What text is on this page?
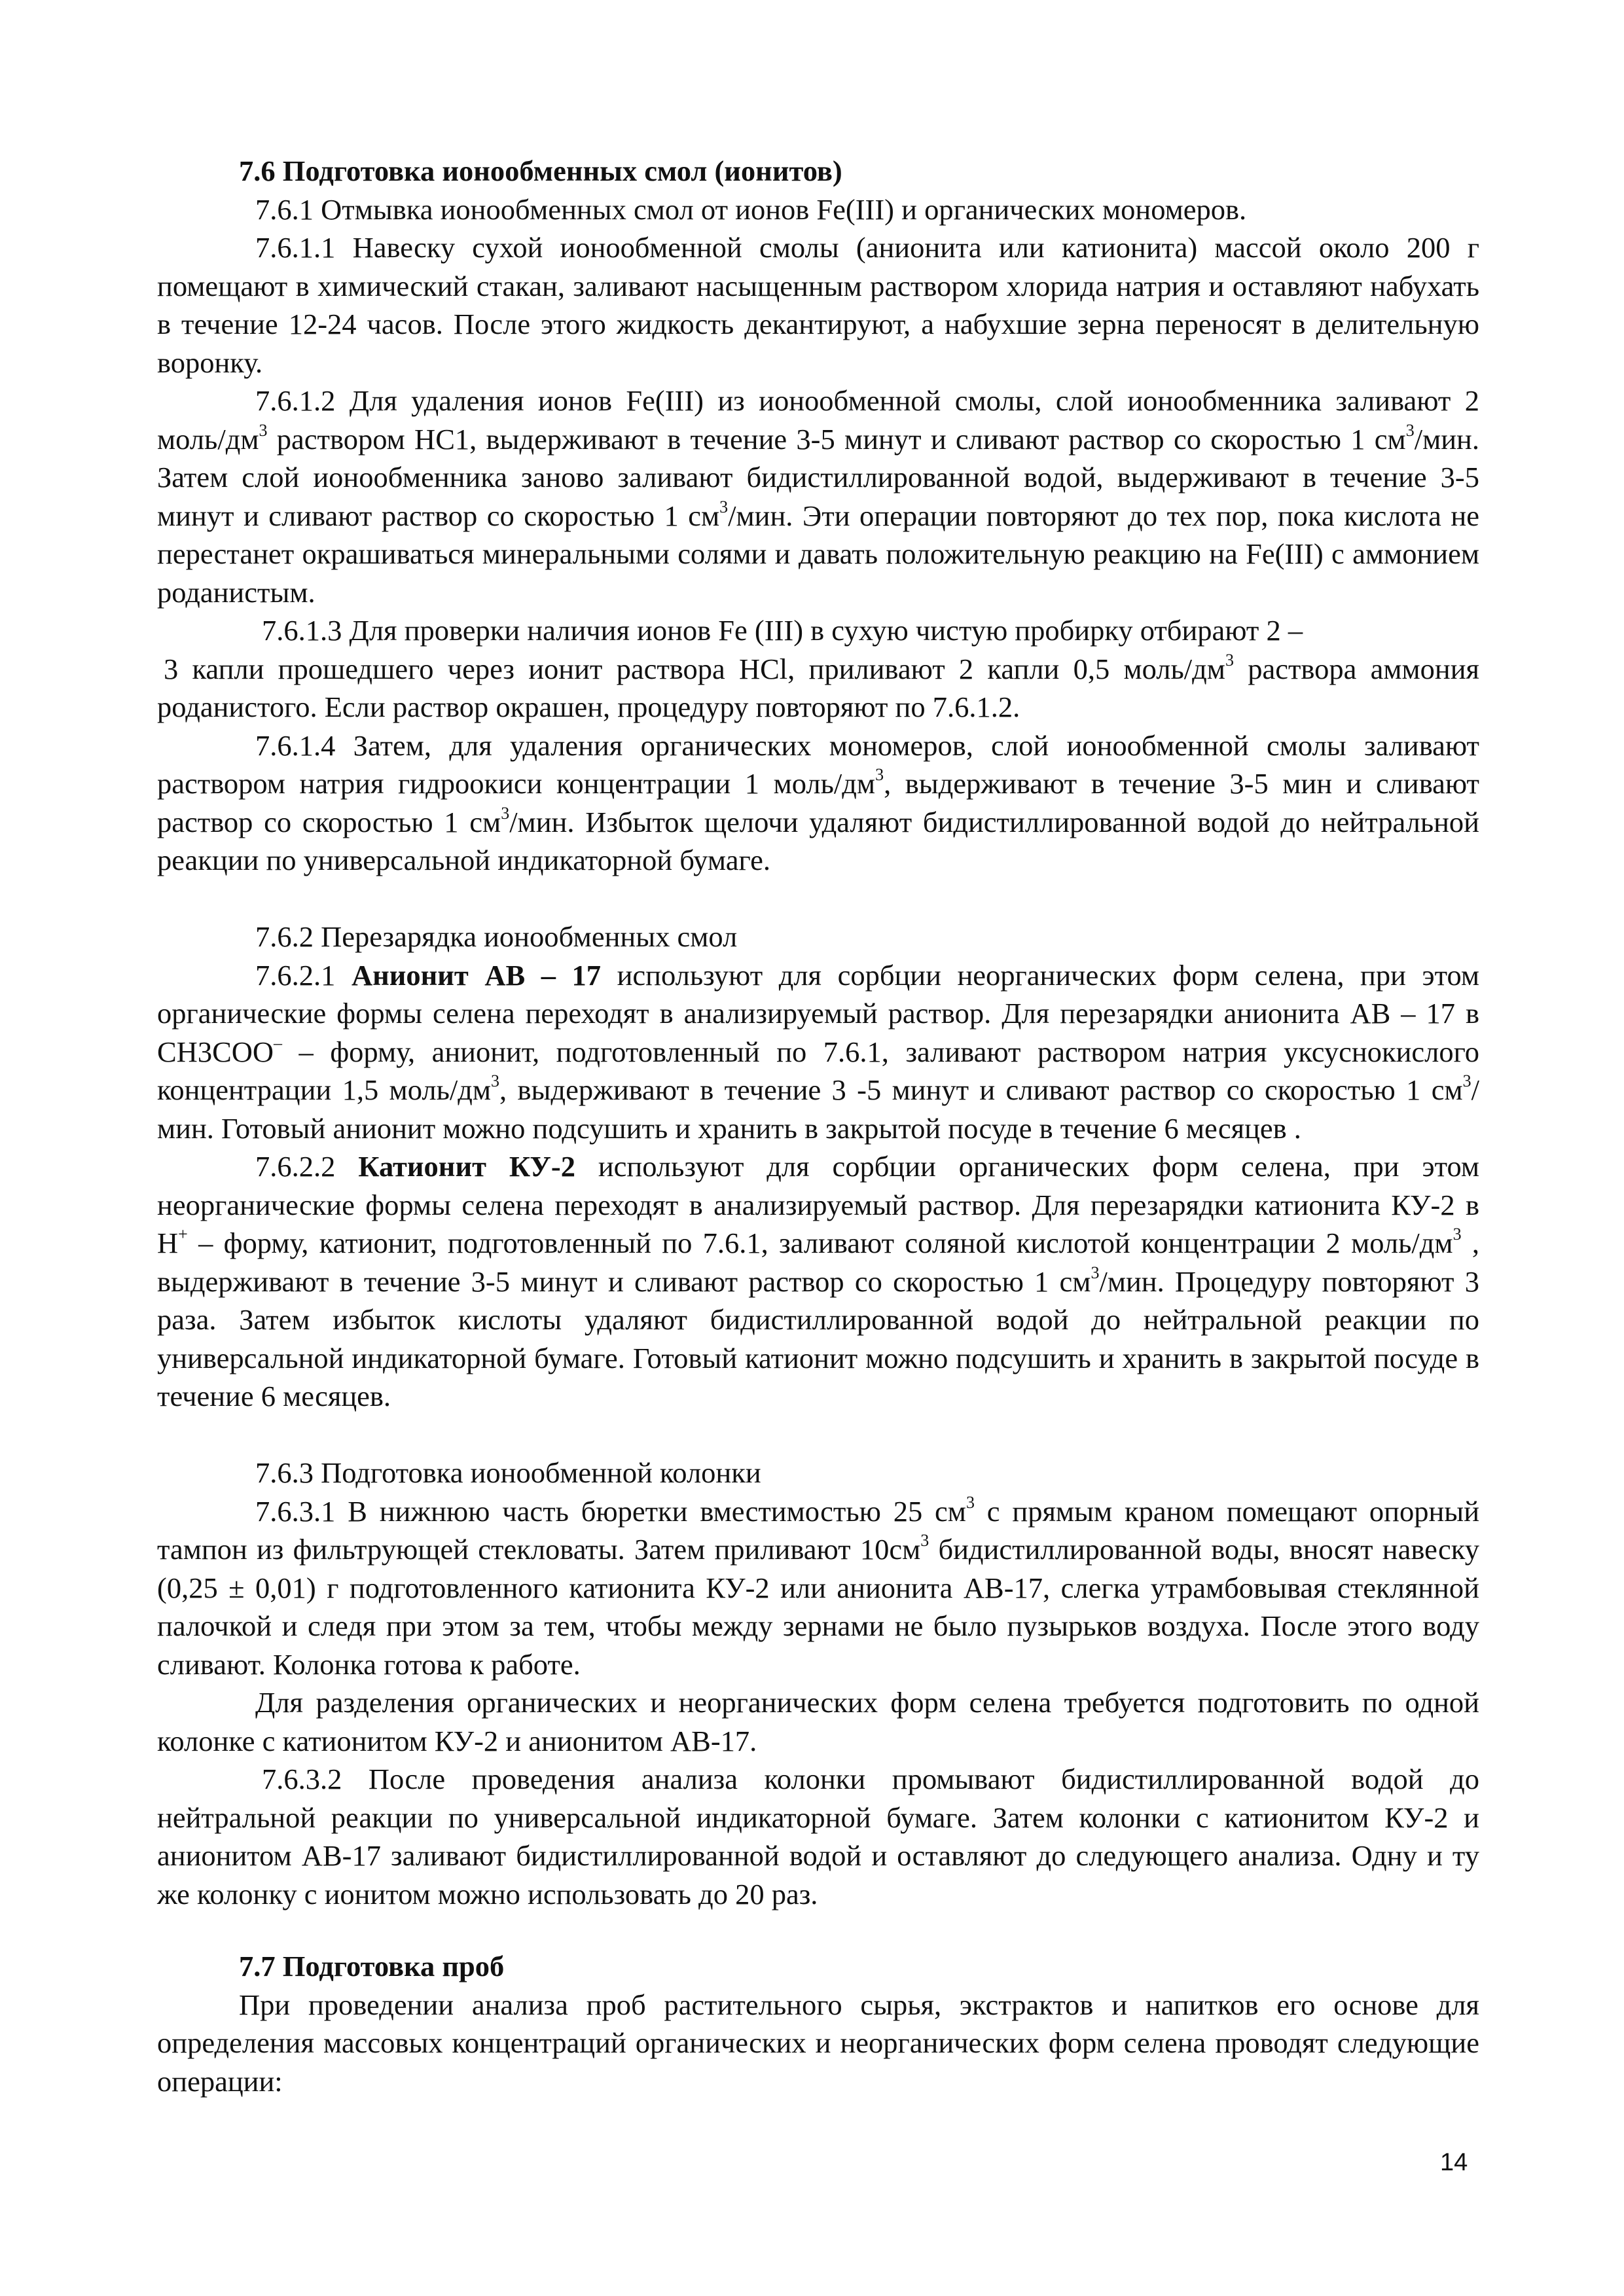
7.6 Подготовка ионообменных смол (ионитов)

7.6.1 Отмывка ионообменных смол от ионов Fe(III) и органических мономеров.

7.6.1.1 Навеску сухой ионообменной смолы (анионита или катионита) массой около 200 г помещают в химический стакан, заливают насыщенным раствором хлорида натрия и оставляют набухать в течение 12-24 часов. После этого жидкость декантируют, а набухшие зерна переносят в делительную воронку.

7.6.1.2 Для удаления ионов Fe(III) из ионообменной смолы, слой ионообменника заливают 2 моль/$дм^3$ раствором НС1, выдерживают в течение 3-5 минут и сливают раствор со скоростью 1 $см^3$/мин. Затем слой ионообменника заново заливают бидистиллированной водой, выдерживают в течение 3-5 минут и сливают раствор со скоростью 1 $см^3$/мин. Эти операции повторяют до тех пор, пока кислота не перестанет окрашиваться минеральными солями и давать положительную реакцию на Fe(III) с аммонием роданистым.

7.6.1.3 Для проверки наличия ионов Fe (III) в сухую чистую пробирку отбирают 2 –

3 капли прошедшего через ионит раствора HCl, приливают 2 капли 0,5 моль/$дм^3$ раствора аммония роданистого. Если раствор окрашен, процедуру повторяют по 7.6.1.2.

7.6.1.4 Затем, для удаления органических мономеров, слой ионообменной смолы заливают раствором натрия гидроокиси концентрации 1 моль/$дм^3$, выдерживают в течение 3-5 мин и сливают раствор со скоростью 1 $см^3$/мин. Избыток щелочи удаляют бидистиллированной водой до нейтральной реакции по универсальной индикаторной бумаге.

7.6.2 Перезарядка ионообменных смол

7.6.2.1 Анионит АВ – 17 используют для сорбции неорганических форм селена, при этом органические формы селена переходят в анализируемый раствор. Для перезарядки анионита АВ – 17 в CH3COO– – форму, анионит, подготовленный по 7.6.1, заливают раствором натрия уксуснокислого концентрации 1,5 моль/$дм^3$, выдерживают в течение 3 -5 минут и сливают раствор со скоростью 1 $см^3$/мин. Готовый анионит можно подсушить и хранить в закрытой посуде в течение 6 месяцев .

7.6.2.2 Катионит КУ-2 используют для сорбции органических форм селена, при этом неорганические формы селена переходят в анализируемый раствор. Для перезарядки катионита КУ-2 в Н+ – форму, катионит, подготовленный по 7.6.1, заливают соляной кислотой концентрации 2 моль/$дм^3$ , выдерживают в течение 3-5 минут и сливают раствор со скоростью 1 $см^3$/мин. Процедуру повторяют 3 раза. Затем избыток кислоты удаляют бидистиллированной водой до нейтральной реакции по универсальной индикаторной бумаге. Готовый катионит можно подсушить и хранить в закрытой посуде в течение 6 месяцев.

7.6.3 Подготовка ионообменной колонки

7.6.3.1 В нижнюю часть бюретки вместимостью 25 $см^3$ с прямым краном помещают опорный тампон из фильтрующей стекловаты. Затем приливают $10см^3$ бидистиллированной воды, вносят навеску (0,25 ± 0,01) г подготовленного катионита КУ-2 или анионита АВ-17, слегка утрамбовывая стеклянной палочкой и следя при этом за тем, чтобы между зернами не было пузырьков воздуха. После этого воду сливают. Колонка готова к работе.

Для разделения органических и неорганических форм селена требуется подготовить по одной колонке с катионитом КУ-2 и анионитом АВ-17.

7.6.3.2 После проведения анализа колонки промывают бидистиллированной водой до нейтральной реакции по универсальной индикаторной бумаге. Затем колонки с катионитом КУ-2 и анионитом АВ-17 заливают бидистиллированной водой и оставляют до следующего анализа. Одну и ту же колонку с ионитом можно использовать до 20 раз.

7.7 Подготовка проб

При проведении анализа проб растительного сырья, экстрактов и напитков его основе для определения массовых концентраций органических и неорганических форм селена проводят следующие операции:

14
